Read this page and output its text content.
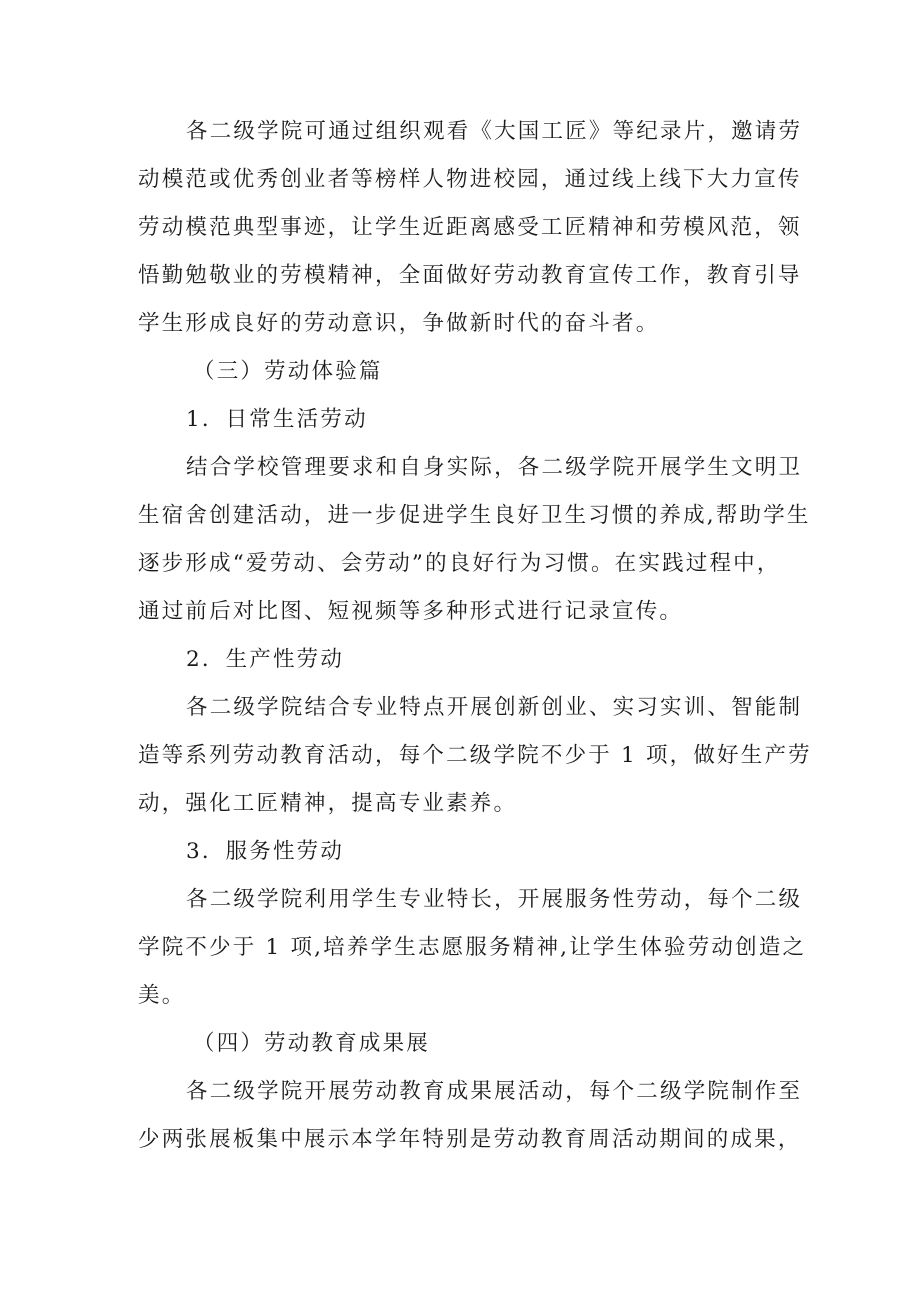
各二级学院可通过组织观看《大国工匠》等纪录片，邀请劳
动模范或优秀创业者等榜样人物进校园，通过线上线下大力宣传
劳动模范典型事迹，让学生近距离感受工匠精神和劳模风范，领
悟勤勉敬业的劳模精神，全面做好劳动教育宣传工作，教育引导
学生形成良好的劳动意识，争做新时代的奋斗者。
（三）劳动体验篇
1．日常生活劳动
结合学校管理要求和自身实际，各二级学院开展学生文明卫
生宿舍创建活动，进一步促进学生良好卫生习惯的养成,帮助学生
逐步形成“爱劳动、会劳动”的良好行为习惯。在实践过程中，
通过前后对比图、短视频等多种形式进行记录宣传。
2．生产性劳动
各二级学院结合专业特点开展创新创业、实习实训、智能制
造等系列劳动教育活动，每个二级学院不少于 1 项，做好生产劳
动，强化工匠精神，提高专业素养。
3．服务性劳动
各二级学院利用学生专业特长，开展服务性劳动，每个二级
学院不少于 1 项,培养学生志愿服务精神,让学生体验劳动创造之
美。
（四）劳动教育成果展
各二级学院开展劳动教育成果展活动，每个二级学院制作至
少两张展板集中展示本学年特别是劳动教育周活动期间的成果，
